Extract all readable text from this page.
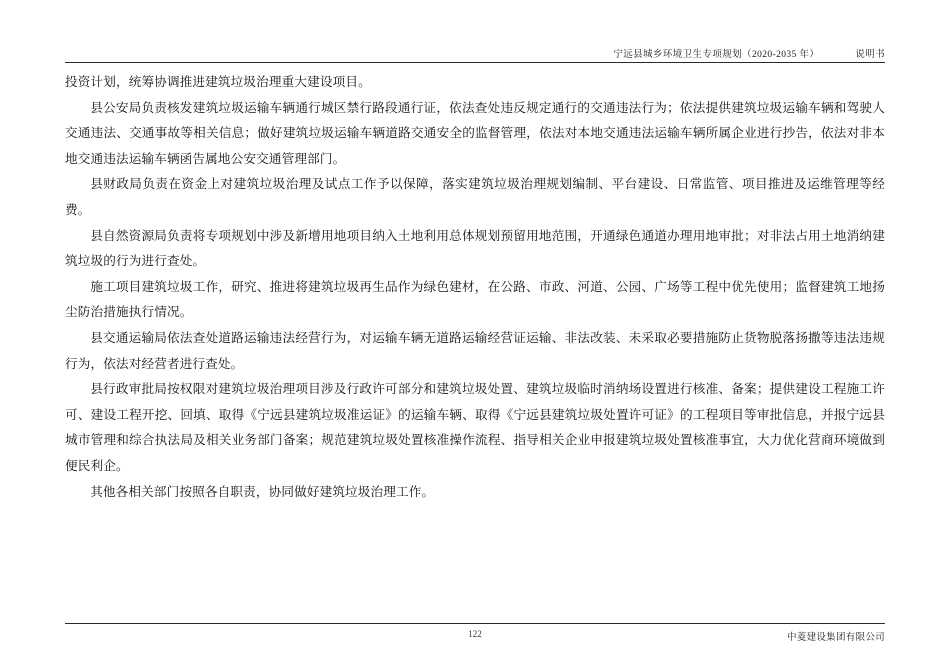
宁远县城乡环境卫生专项规划（2020-2035 年）	说明书

投资计划，统筹协调推进建筑垃圾治理重大建设项目。

县公安局负责核发建筑垃圾运输车辆通行城区禁行路段通行证，依法查处违反规定通行的交通违法行为；依法提供建筑垃圾运输车辆和驾驶人交通违法、交通事故等相关信息；做好建筑垃圾运输车辆道路交通安全的监督管理，依法对本地交通违法运输车辆所属企业进行抄告，依法对非本地交通违法运输车辆函告属地公安交通管理部门。

县财政局负责在资金上对建筑垃圾治理及试点工作予以保障，落实建筑垃圾治理规划编制、平台建设、日常监管、项目推进及运维管理等经费。

县自然资源局负责将专项规划中涉及新增用地项目纳入土地利用总体规划预留用地范围，开通绿色通道办理用地审批；对非法占用土地消纳建筑垃圾的行为进行查处。

施工项目建筑垃圾工作，研究、推进将建筑垃圾再生品作为绿色建材，在公路、市政、河道、公园、广场等工程中优先使用；监督建筑工地扬尘防治措施执行情况。

县交通运输局依法查处道路运输违法经营行为，对运输车辆无道路运输经营证运输、非法改装、未采取必要措施防止货物脱落扬撒等违法违规行为，依法对经营者进行查处。

县行政审批局按权限对建筑垃圾治理项目涉及行政许可部分和建筑垃圾处置、建筑垃圾临时消纳场设置进行核准、备案；提供建设工程施工许可、建设工程开挖、回填、取得《宁远县建筑垃圾准运证》的运输车辆、取得《宁远县建筑垃圾处置许可证》的工程项目等审批信息，并报宁远县城市管理和综合执法局及相关业务部门备案；规范建筑垃圾处置核准操作流程、指导相关企业申报建筑垃圾处置核准事宜，大力优化营商环境做到便民利企。

其他各相关部门按照各自职责，协同做好建筑垃圾治理工作。

122	中菱建设集团有限公司
